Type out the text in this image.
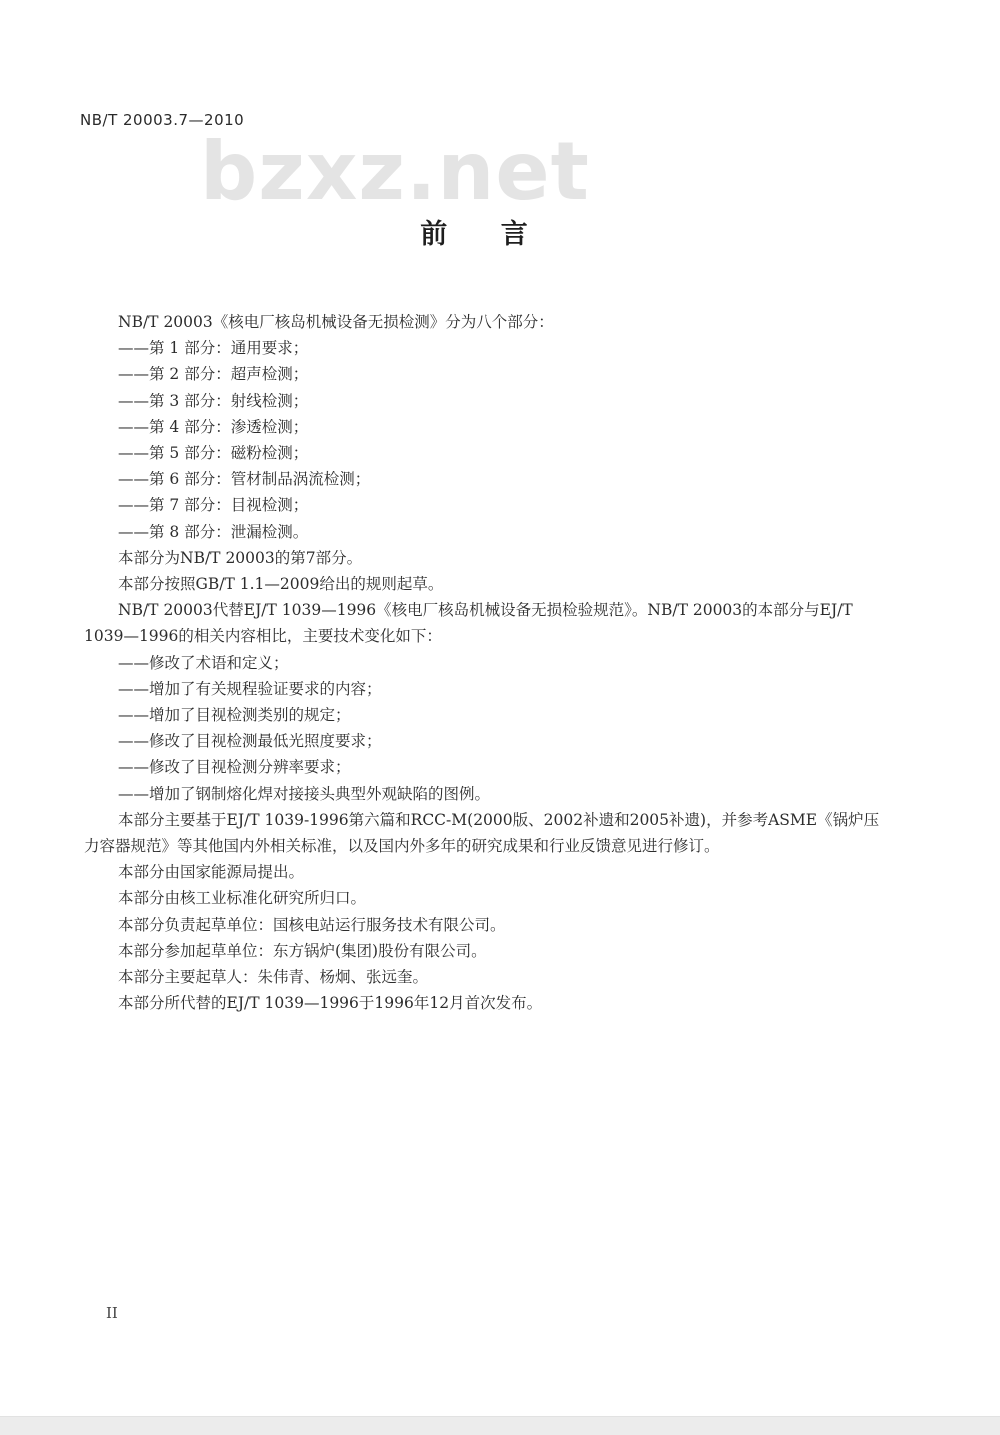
NB/T 20003.7—2010
bzxz.net
前 言

NB/T 20003《核电厂核岛机械设备无损检测》分为八个部分：

——第 1 部分：通用要求；

——第 2 部分：超声检测；

——第 3 部分：射线检测；

——第 4 部分：渗透检测；

——第 5 部分：磁粉检测；

——第 6 部分：管材制品涡流检测；

——第 7 部分：目视检测；

——第 8 部分：泄漏检测。

本部分为NB/T 20003的第7部分。

本部分按照GB/T 1.1—2009给出的规则起草。

NB/T 20003代替EJ/T 1039—1996《核电厂核岛机械设备无损检验规范》。NB/T 20003的本部分与EJ/T 1039—1996的相关内容相比，主要技术变化如下：

——修改了术语和定义；

——增加了有关规程验证要求的内容；

——增加了目视检测类别的规定；

——修改了目视检测最低光照度要求；

——修改了目视检测分辨率要求；

——增加了钢制熔化焊对接接头典型外观缺陷的图例。

本部分主要基于EJ/T 1039-1996第六篇和RCC-M(2000版、2002补遗和2005补遗)，并参考ASME《锅炉压力容器规范》等其他国内外相关标准，以及国内外多年的研究成果和行业反馈意见进行修订。

本部分由国家能源局提出。

本部分由核工业标准化研究所归口。

本部分负责起草单位：国核电站运行服务技术有限公司。

本部分参加起草单位：东方锅炉(集团)股份有限公司。

本部分主要起草人：朱伟青、杨炯、张远奎。

本部分所代替的EJ/T 1039—1996于1996年12月首次发布。

II
